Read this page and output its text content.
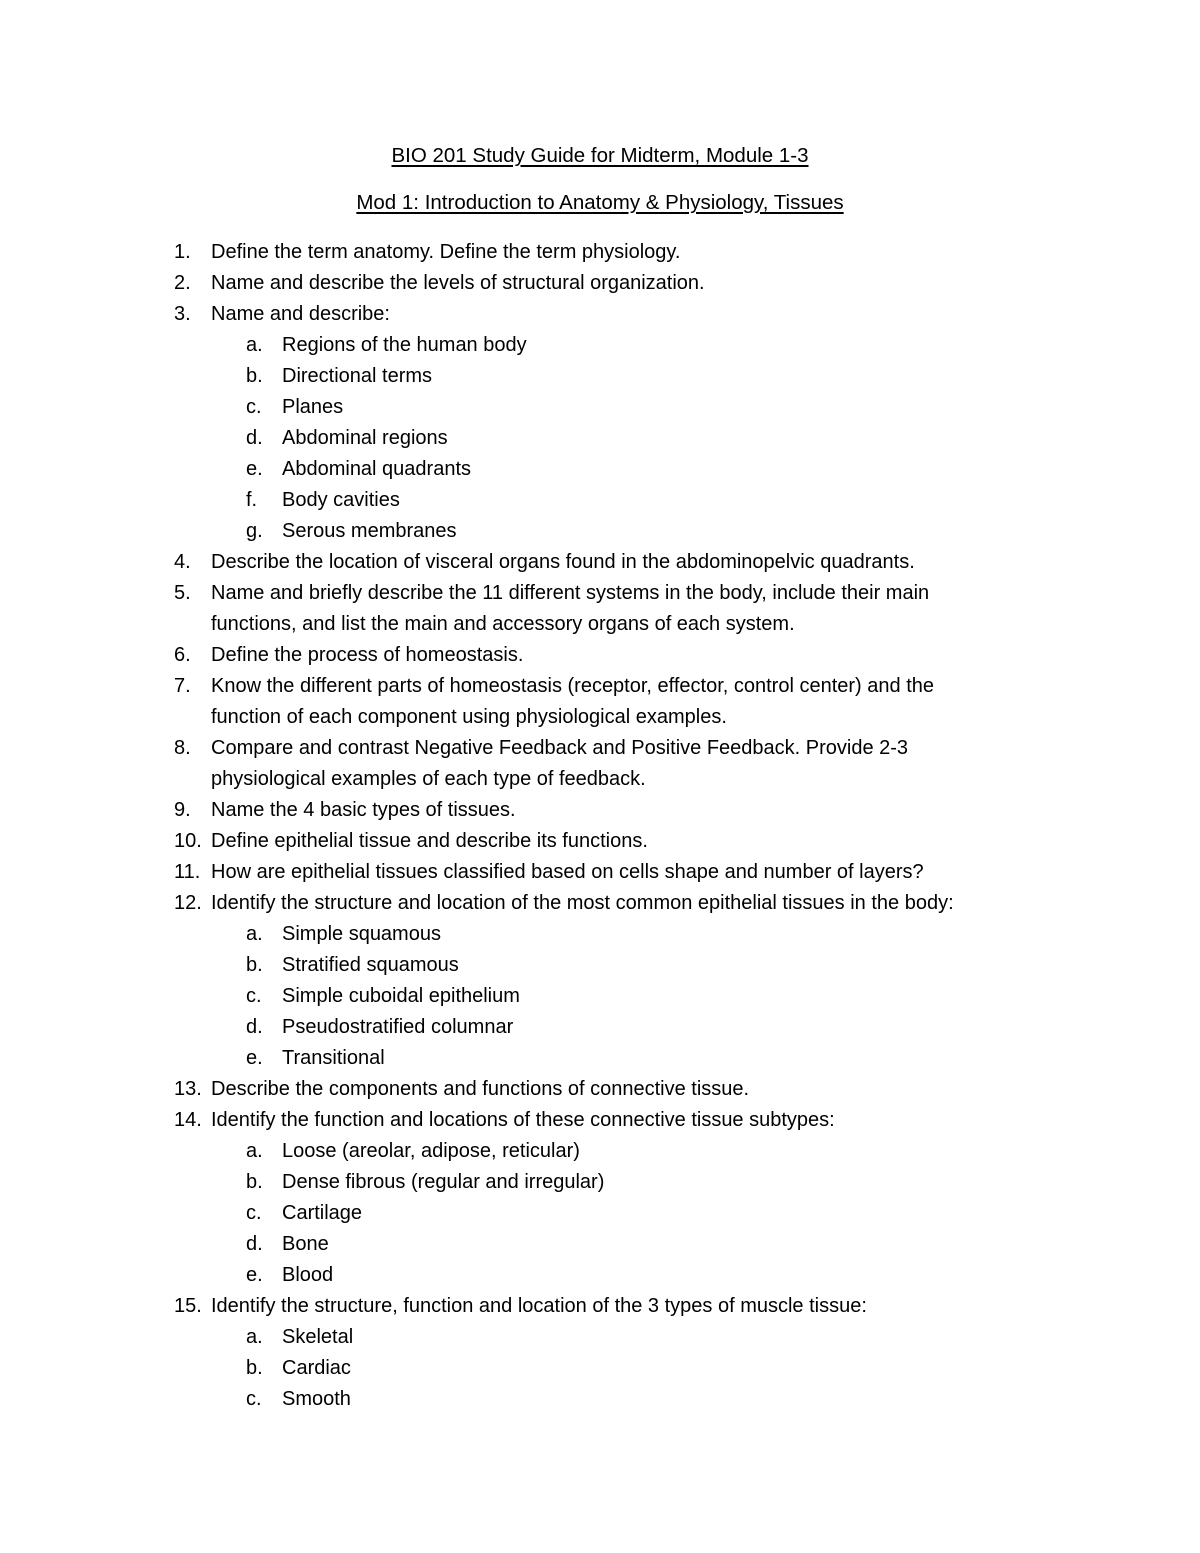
BIO 201 Study Guide for Midterm, Module 1-3
Mod 1: Introduction to Anatomy & Physiology, Tissues
1. Define the term anatomy. Define the term physiology.
2. Name and describe the levels of structural organization.
3. Name and describe:
a. Regions of the human body
b. Directional terms
c. Planes
d. Abdominal regions
e. Abdominal quadrants
f. Body cavities
g. Serous membranes
4. Describe the location of visceral organs found in the abdominopelvic quadrants.
5. Name and briefly describe the 11 different systems in the body, include their main
functions, and list the main and accessory organs of each system.
6. Define the process of homeostasis.
7. Know the different parts of homeostasis (receptor, effector, control center) and the
function of each component using physiological examples.
8. Compare and contrast Negative Feedback and Positive Feedback. Provide 2-3
physiological examples of each type of feedback.
9. Name the 4 basic types of tissues.
10. Define epithelial tissue and describe its functions.
11. How are epithelial tissues classified based on cells shape and number of layers?
12. Identify the structure and location of the most common epithelial tissues in the body:
a. Simple squamous
b. Stratified squamous
c. Simple cuboidal epithelium
d. Pseudostratified columnar
e. Transitional
13. Describe the components and functions of connective tissue.
14. Identify the function and locations of these connective tissue subtypes:
a. Loose (areolar, adipose, reticular)
b. Dense fibrous (regular and irregular)
c. Cartilage
d. Bone
e. Blood
15. Identify the structure, function and location of the 3 types of muscle tissue:
a. Skeletal
b. Cardiac
c. Smooth
